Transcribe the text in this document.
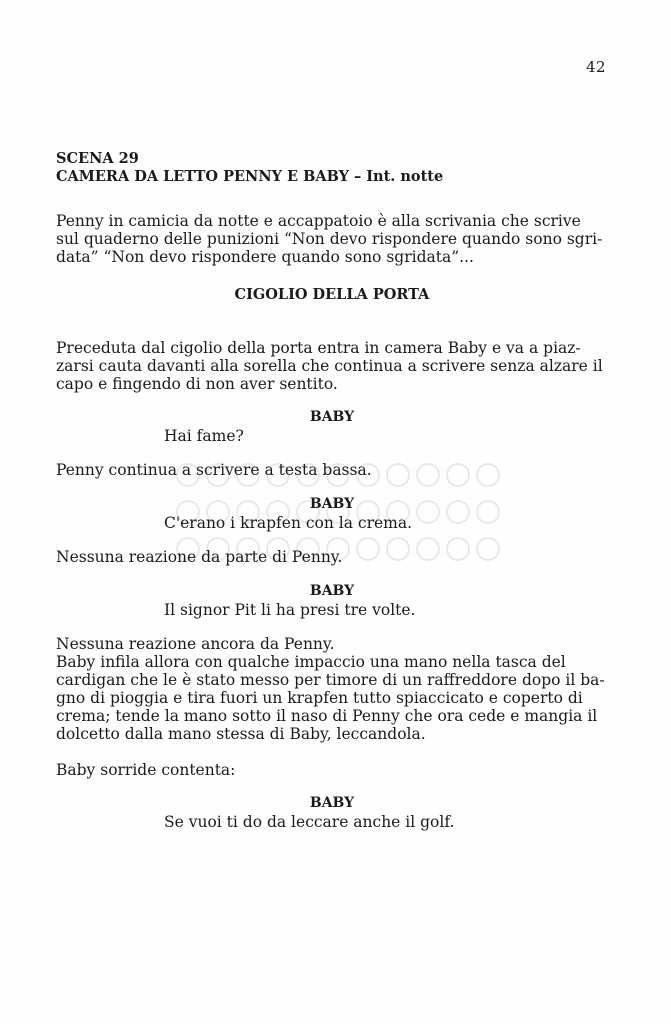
42
SCENA 29
CAMERA DA LETTO PENNY E BABY – Int. notte
Penny in camicia da notte e accappatoio è alla scrivania che scrive
sul quaderno delle punizioni “Non devo rispondere quando sono sgri-
data” “Non devo rispondere quando sono sgridata”...
CIGOLIO DELLA PORTA
Preceduta dal cigolio della porta entra in camera Baby e va a piaz-
zarsi cauta davanti alla sorella che continua a scrivere senza alzare il
capo e fingendo di non aver sentito.
BABY
Hai fame?
Penny continua a scrivere a testa bassa.
BABY
C'erano i krapfen con la crema.
Nessuna reazione da parte di Penny.
BABY
Il signor Pit li ha presi tre volte.
Nessuna reazione ancora da Penny.
Baby infila allora con qualche impaccio una mano nella tasca del
cardigan che le è stato messo per timore di un raffreddore dopo il ba-
gno di pioggia e tira fuori un krapfen tutto spiaccicato e coperto di
crema; tende la mano sotto il naso di Penny che ora cede e mangia il
dolcetto dalla mano stessa di Baby, leccandola.
Baby sorride contenta:
BABY
Se vuoi ti do da leccare anche il golf.
